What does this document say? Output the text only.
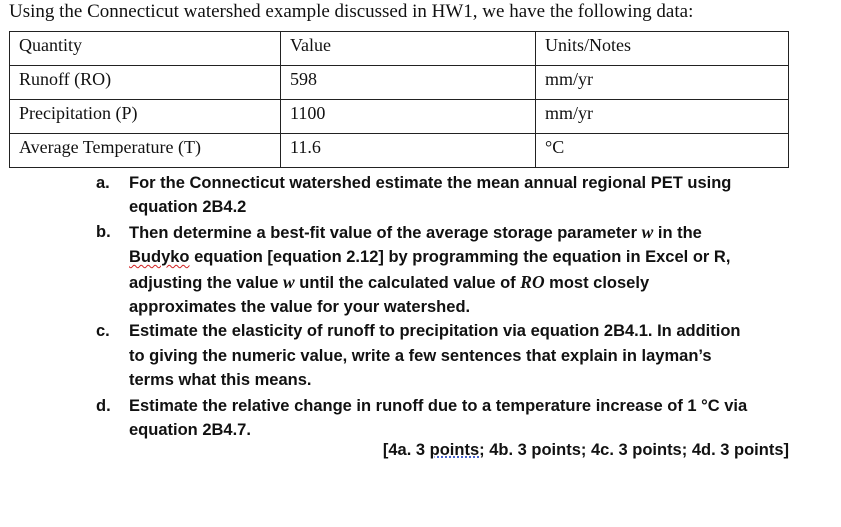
Using the Connecticut watershed example discussed in HW1, we have the following data:
Quantity	Value	Units/Notes
Runoff (RO)	598	mm/yr
Precipitation (P)	1100	mm/yr
Average Temperature (T)	11.6	°C
a. For the Connecticut watershed estimate the mean annual regional PET using
equation 2B4.2
b. Then determine a best-fit value of the average storage parameter w in the
Budyko equation [equation 2.12] by programming the equation in Excel or R,
adjusting the value w until the calculated value of RO most closely
approximates the value for your watershed.
c. Estimate the elasticity of runoff to precipitation via equation 2B4.1. In addition
to giving the numeric value, write a few sentences that explain in layman’s
terms what this means.
d. Estimate the relative change in runoff due to a temperature increase of 1 °C via
equation 2B4.7.
[4a. 3 points; 4b. 3 points; 4c. 3 points; 4d. 3 points]
